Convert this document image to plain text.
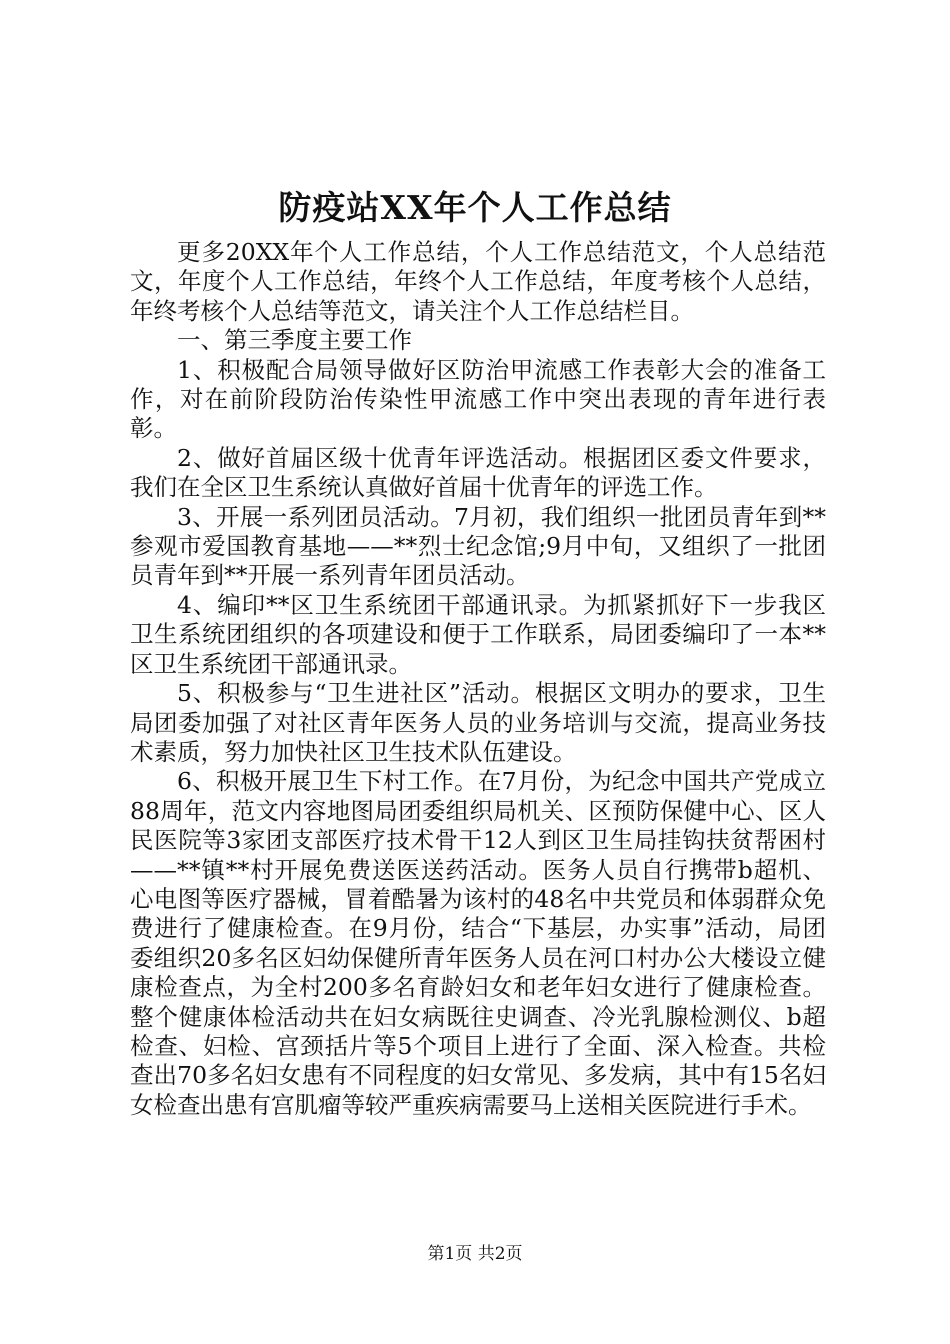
防疫站XX年个人工作总结

更多20XX年个人工作总结，个人工作总结范文，个人总结范文，年度个人工作总结，年终个人工作总结，年度考核个人总结，年终考核个人总结等范文，请关注个人工作总结栏目。

一、第三季度主要工作

1、积极配合局领导做好区防治甲流感工作表彰大会的准备工作，对在前阶段防治传染性甲流感工作中突出表现的青年进行表彰。

2、做好首届区级十优青年评选活动。根据团区委文件要求，我们在全区卫生系统认真做好首届十优青年的评选工作。

3、开展一系列团员活动。7月初，我们组织一批团员青年到**参观市爱国教育基地——**烈士纪念馆;9月中旬，又组织了一批团员青年到**开展一系列青年团员活动。

4、编印**区卫生系统团干部通讯录。为抓紧抓好下一步我区卫生系统团组织的各项建设和便于工作联系，局团委编印了一本**区卫生系统团干部通讯录。

5、积极参与“卫生进社区”活动。根据区文明办的要求，卫生局团委加强了对社区青年医务人员的业务培训与交流，提高业务技术素质，努力加快社区卫生技术队伍建设。

6、积极开展卫生下村工作。在7月份，为纪念中国共产党成立88周年，范文内容地图局团委组织局机关、区预防保健中心、区人民医院等3家团支部医疗技术骨干12人到区卫生局挂钩扶贫帮困村——**镇**村开展免费送医送药活动。医务人员自行携带b超机、心电图等医疗器械，冒着酷暑为该村的48名中共党员和体弱群众免费进行了健康检查。在9月份，结合“下基层，办实事”活动，局团委组织20多名区妇幼保健所青年医务人员在河口村办公大楼设立健康检查点，为全村200多名育龄妇女和老年妇女进行了健康检查。整个健康体检活动共在妇女病既往史调查、冷光乳腺检测仪、b超检查、妇检、宫颈括片等5个项目上进行了全面、深入检查。共检查出70多名妇女患有不同程度的妇女常见、多发病，其中有15名妇女检查出患有宫肌瘤等较严重疾病需要马上送相关医院进行手术。

第1页 共2页
